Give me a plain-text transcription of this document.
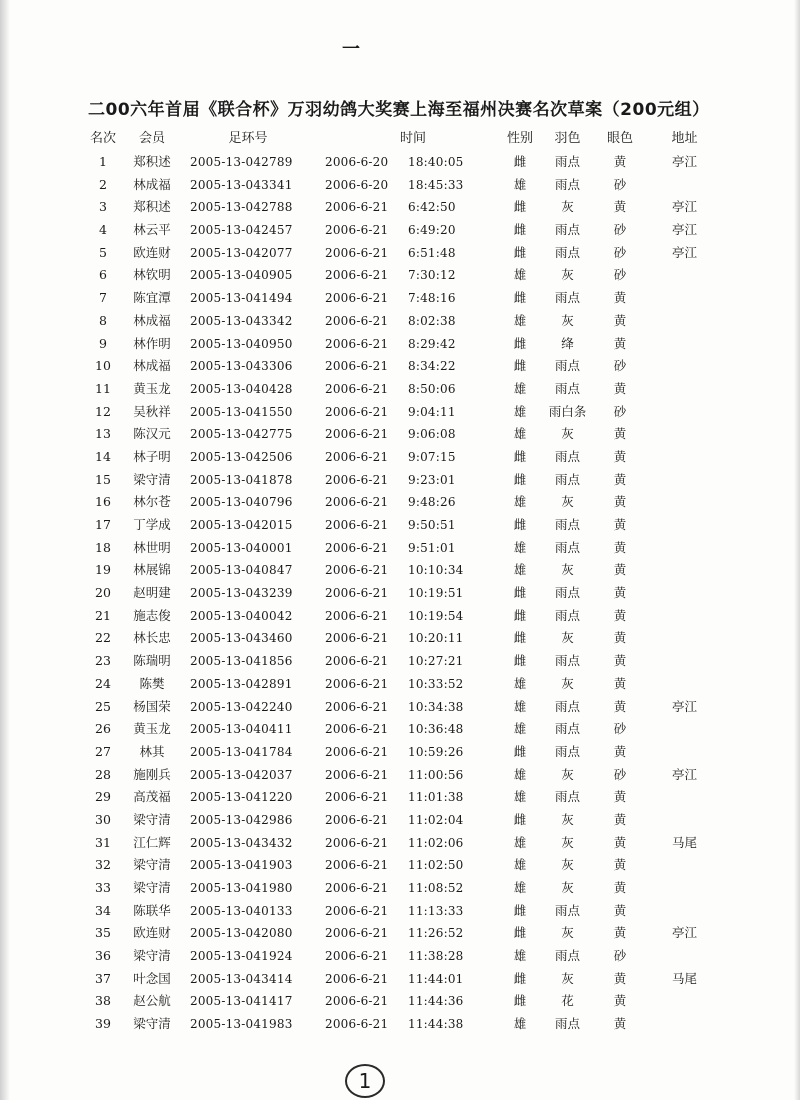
一
二00六年首届《联合杯》万羽幼鸽大奖赛上海至福州决赛名次草案（200元组）
名次	会员	足环号	时间	性别	羽色	眼色	地址
1	郑积述	2005-13-042789	2006-6-20	18:40:05	雌	雨点	黄	亭江
2	林成福	2005-13-043341	2006-6-20	18:45:33	雄	雨点	砂
3	郑积述	2005-13-042788	2006-6-21	6:42:50	雌	灰	黄	亭江
4	林云平	2005-13-042457	2006-6-21	6:49:20	雌	雨点	砂	亭江
5	欧连财	2005-13-042077	2006-6-21	6:51:48	雌	雨点	砂	亭江
6	林钦明	2005-13-040905	2006-6-21	7:30:12	雄	灰	砂
7	陈宜潭	2005-13-041494	2006-6-21	7:48:16	雌	雨点	黄
8	林成福	2005-13-043342	2006-6-21	8:02:38	雄	灰	黄
9	林作明	2005-13-040950	2006-6-21	8:29:42	雌	绛	黄
10	林成福	2005-13-043306	2006-6-21	8:34:22	雌	雨点	砂
11	黄玉龙	2005-13-040428	2006-6-21	8:50:06	雄	雨点	黄
12	吴秋祥	2005-13-041550	2006-6-21	9:04:11	雄	雨白条	砂
13	陈汉元	2005-13-042775	2006-6-21	9:06:08	雄	灰	黄
14	林子明	2005-13-042506	2006-6-21	9:07:15	雌	雨点	黄
15	梁守清	2005-13-041878	2006-6-21	9:23:01	雌	雨点	黄
16	林尔苍	2005-13-040796	2006-6-21	9:48:26	雄	灰	黄
17	丁学成	2005-13-042015	2006-6-21	9:50:51	雌	雨点	黄
18	林世明	2005-13-040001	2006-6-21	9:51:01	雄	雨点	黄
19	林展锦	2005-13-040847	2006-6-21	10:10:34	雄	灰	黄
20	赵明建	2005-13-043239	2006-6-21	10:19:51	雌	雨点	黄
21	施志俊	2005-13-040042	2006-6-21	10:19:54	雌	雨点	黄
22	林长忠	2005-13-043460	2006-6-21	10:20:11	雌	灰	黄
23	陈瑞明	2005-13-041856	2006-6-21	10:27:21	雌	雨点	黄
24	陈樊	2005-13-042891	2006-6-21	10:33:52	雄	灰	黄
25	杨国荣	2005-13-042240	2006-6-21	10:34:38	雄	雨点	黄	亭江
26	黄玉龙	2005-13-040411	2006-6-21	10:36:48	雄	雨点	砂
27	林其	2005-13-041784	2006-6-21	10:59:26	雌	雨点	黄
28	施刚兵	2005-13-042037	2006-6-21	11:00:56	雄	灰	砂	亭江
29	高茂福	2005-13-041220	2006-6-21	11:01:38	雄	雨点	黄
30	梁守清	2005-13-042986	2006-6-21	11:02:04	雌	灰	黄
31	江仁辉	2005-13-043432	2006-6-21	11:02:06	雄	灰	黄	马尾
32	梁守清	2005-13-041903	2006-6-21	11:02:50	雄	灰	黄
33	梁守清	2005-13-041980	2006-6-21	11:08:52	雄	灰	黄
34	陈联华	2005-13-040133	2006-6-21	11:13:33	雌	雨点	黄
35	欧连财	2005-13-042080	2006-6-21	11:26:52	雌	灰	黄	亭江
36	梁守清	2005-13-041924	2006-6-21	11:38:28	雄	雨点	砂
37	叶念国	2005-13-043414	2006-6-21	11:44:01	雌	灰	黄	马尾
38	赵公航	2005-13-041417	2006-6-21	11:44:36	雌	花	黄
39	梁守清	2005-13-041983	2006-6-21	11:44:38	雄	雨点	黄
1
